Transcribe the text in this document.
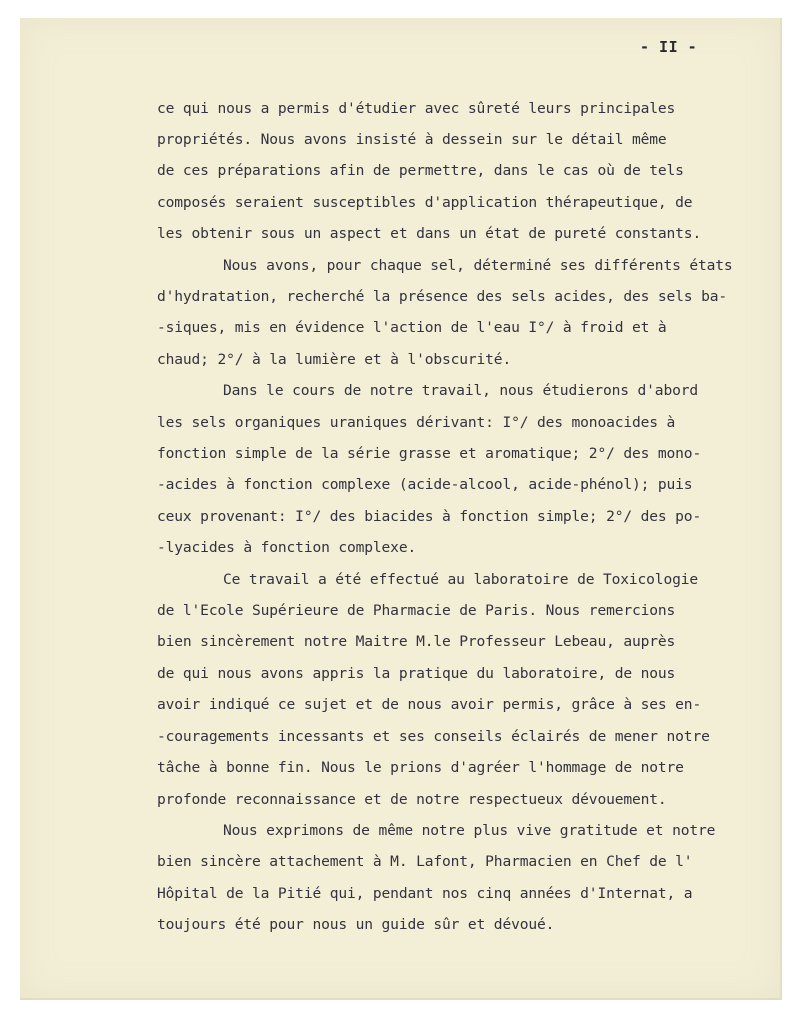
- II -
ce qui nous a permis d'étudier avec sûreté leurs principales
propriétés. Nous avons insisté à dessein sur le détail même
de ces préparations afin de permettre, dans le cas où de tels
composés seraient susceptibles d'application thérapeutique, de
les obtenir sous un aspect et dans un état de pureté constants.
Nous avons, pour chaque sel, déterminé ses différents états
d'hydratation, recherché la présence des sels acides, des sels ba-
-siques, mis en évidence l'action de l'eau I°/ à froid et à
chaud; 2°/ à la lumière et à l'obscurité.
Dans le cours de notre travail, nous étudierons d'abord
les sels organiques uraniques dérivant: I°/ des monoacides à
fonction simple de la série grasse et aromatique; 2°/ des mono-
-acides à fonction complexe (acide-alcool, acide-phénol); puis
ceux provenant: I°/ des biacides à fonction simple; 2°/ des po-
-lyacides à fonction complexe.
Ce travail a été effectué au laboratoire de Toxicologie
de l'Ecole Supérieure de Pharmacie de Paris. Nous remercions
bien sincèrement notre Maitre M.le Professeur Lebeau, auprès
de qui nous avons appris la pratique du laboratoire, de nous
avoir indiqué ce sujet et de nous avoir permis, grâce à ses en-
-couragements incessants et ses conseils éclairés de mener notre
tâche à bonne fin. Nous le prions d'agréer l'hommage de notre
profonde reconnaissance et de notre respectueux dévouement.
Nous exprimons de même notre plus vive gratitude et notre
bien sincère attachement à M. Lafont, Pharmacien en Chef de l'
Hôpital de la Pitié qui, pendant nos cinq années d'Internat, a
toujours été pour nous un guide sûr et dévoué.
